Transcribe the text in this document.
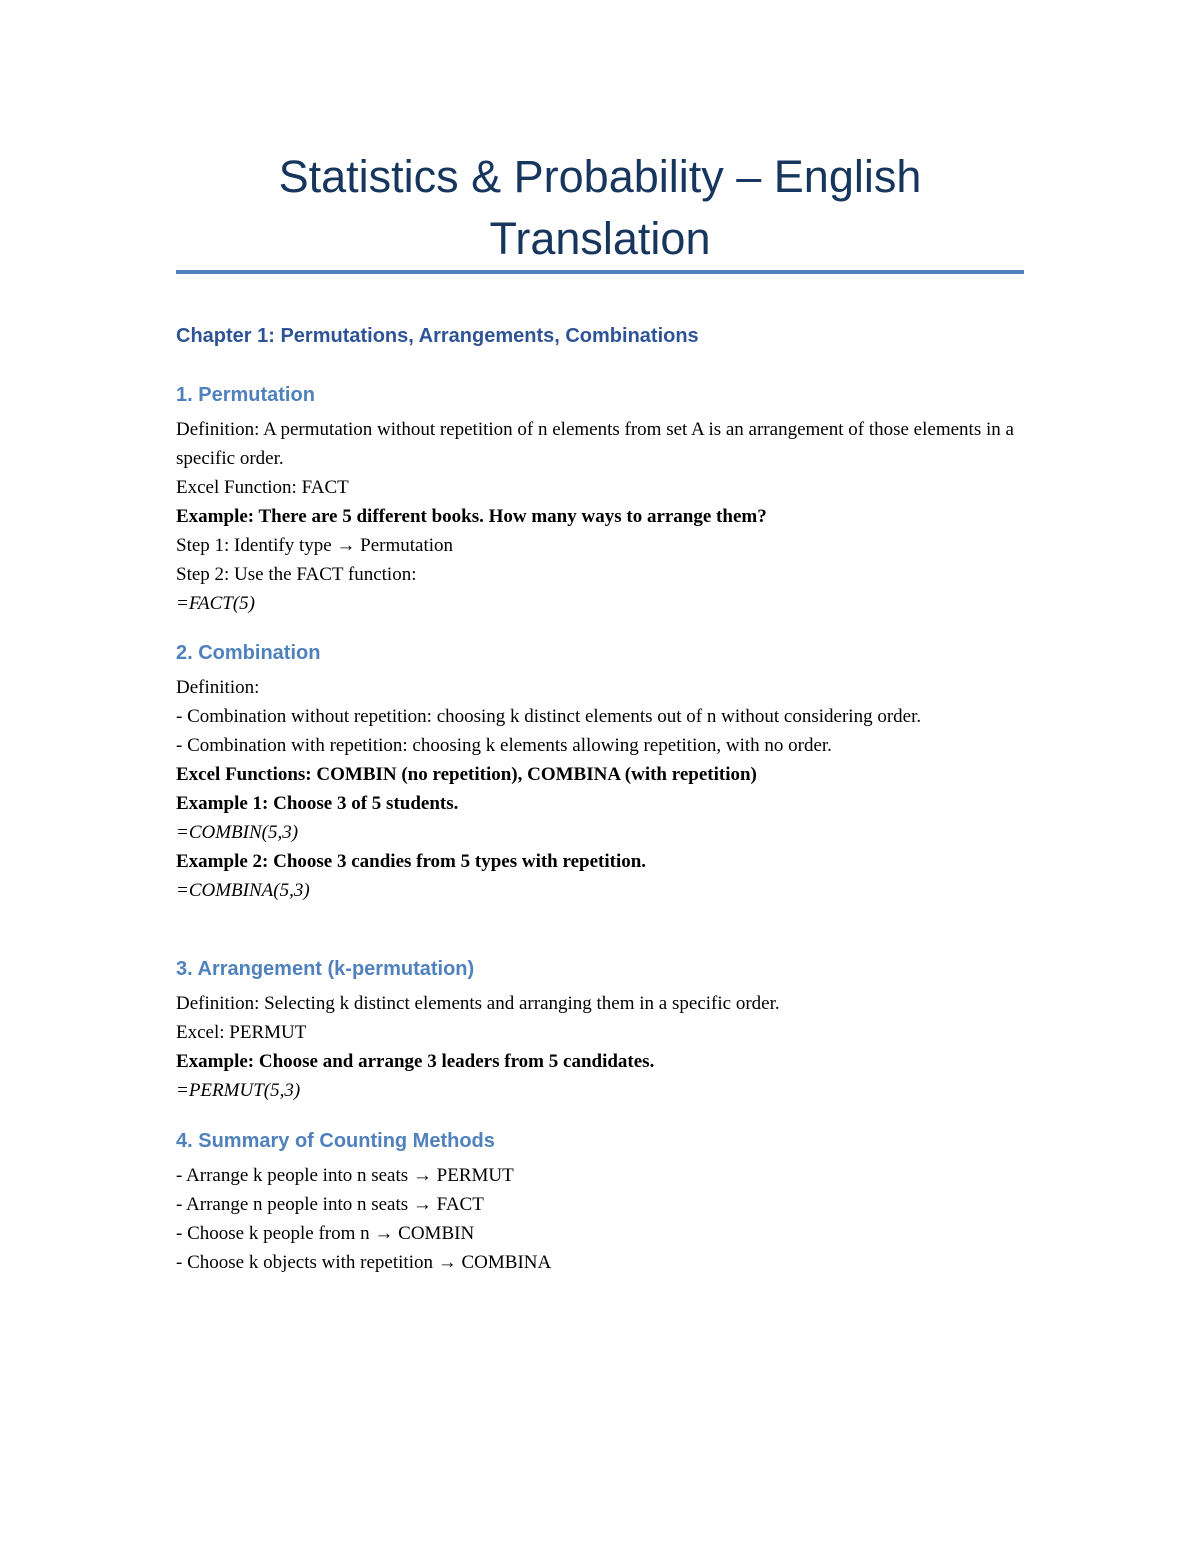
Statistics & Probability – English Translation
Chapter 1: Permutations, Arrangements, Combinations
1. Permutation

Definition: A permutation without repetition of n elements from set A is an arrangement of those elements in a specific order.

Excel Function: FACT

Example: There are 5 different books. How many ways to arrange them?

Step 1: Identify type → Permutation

Step 2: Use the FACT function:

=FACT(5)

2. Combination

Definition:

- Combination without repetition: choosing k distinct elements out of n without considering order.

- Combination with repetition: choosing k elements allowing repetition, with no order.

Excel Functions: COMBIN (no repetition), COMBINA (with repetition)

Example 1: Choose 3 of 5 students.

=COMBIN(5,3)

Example 2: Choose 3 candies from 5 types with repetition.

=COMBINA(5,3)

3. Arrangement (k-permutation)

Definition: Selecting k distinct elements and arranging them in a specific order.

Excel: PERMUT

Example: Choose and arrange 3 leaders from 5 candidates.

=PERMUT(5,3)

4. Summary of Counting Methods

- Arrange k people into n seats → PERMUT

- Arrange n people into n seats → FACT

- Choose k people from n → COMBIN

- Choose k objects with repetition → COMBINA
